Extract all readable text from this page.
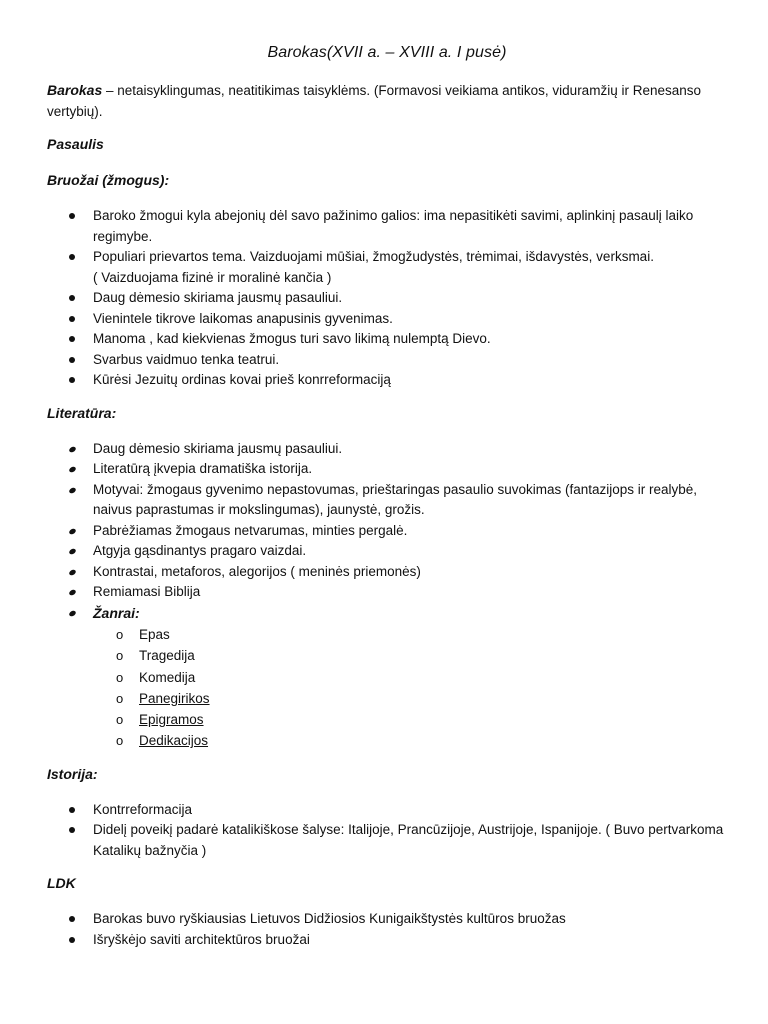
Barokas(XVII a. – XVIII a. I pusė)
Barokas – netaisyklingumas, neatitikimas taisyklėms. (Formavosi veikiama antikos, viduramžių ir Renesanso vertybių).
Pasaulis
Bruožai (žmogus):
Baroko žmogui kyla abejonių dėl savo pažinimo galios: ima nepasitikėti savimi, aplinkinį pasaulį laiko regimybe.
Populiari prievartos tema. Vaizduojami mūšiai, žmogžudystės, trėmimai, išdavystės, verksmai.
( Vaizduojama fizinė ir moralinė kančia )
Daug dėmesio skiriama jausmų pasauliui.
Vienintele tikrove laikomas anapusinis gyvenimas.
Manoma , kad kiekvienas žmogus turi savo likimą nulemptą Dievo.
Svarbus vaidmuo tenka teatrui.
Kūrėsi Jezuitų ordinas kovai prieš konrreformaciją
Literatūra:
Daug dėmesio skiriama jausmų pasauliui.
Literatūrą įkvepia dramatiška istorija.
Motyvai: žmogaus gyvenimo nepastovumas, prieštaringas pasaulio suvokimas (fantazijops ir realybė, naivus paprastumas ir mokslingumas), jaunystė, grožis.
Pabrėžiamas žmogaus netvarumas, minties pergalė.
Atgyja gąsdinantys pragaro vaizdai.
Kontrastai, metaforos, alegorijos ( meninės priemonės)
Remiamasi Biblija
Žanrai:
o Epas
o Tragedija
o Komedija
o Panegirikos
o Epigramos
o Dedikacijos
Istorija:
Kontrreformacija
Didelį poveikį padarė katalikiškose šalyse: Italijoje, Prancūzijoje, Austrijoje, Ispanijoje. ( Buvo pertvarkoma Katalikų bažnyčia )
LDK
Barokas buvo ryškiausias Lietuvos Didžiosios Kunigaikštystės kultūros bruožas
Išryškėjo saviti architektūros bruožai
